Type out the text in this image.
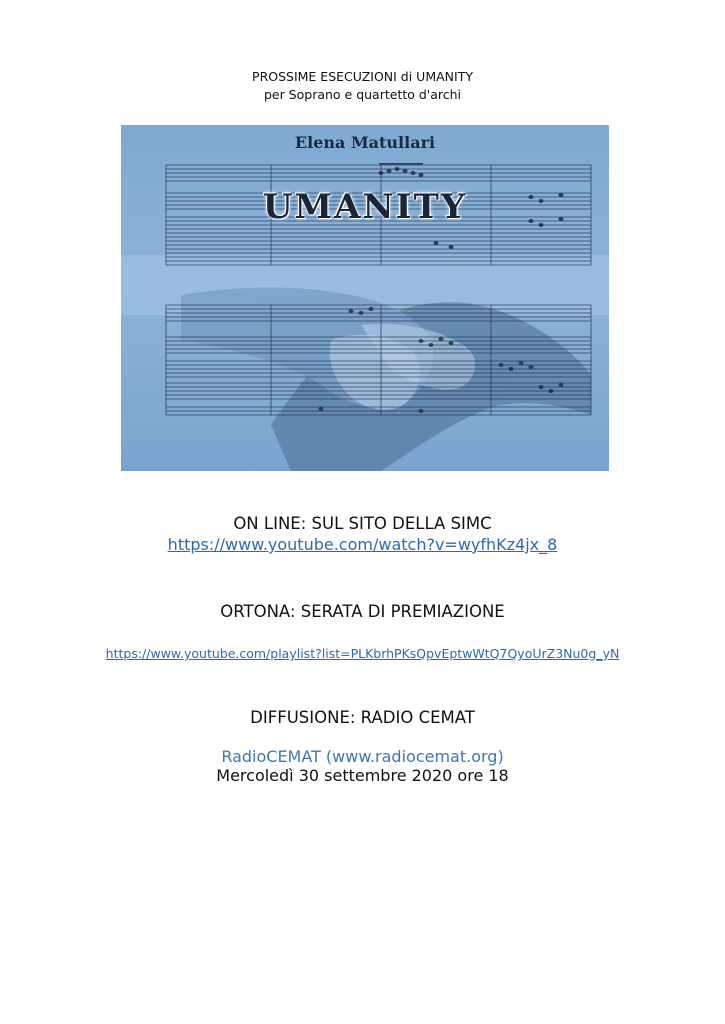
PROSSIME ESECUZIONI di UMANITY
per Soprano e quartetto d'archi
Elena Matullari
UMANITY
ON LINE: SUL SITO DELLA SIMC
https://www.youtube.com/watch?v=wyfhKz4jx_8
ORTONA: SERATA DI PREMIAZIONE
https://www.youtube.com/playlist?list=PLKbrhPKsQpvEptwWtQ7QyoUrZ3Nu0g_yN
DIFFUSIONE: RADIO CEMAT
RadioCEMAT (www.radiocemat.org)
Mercoledì 30 settembre 2020 ore 18
